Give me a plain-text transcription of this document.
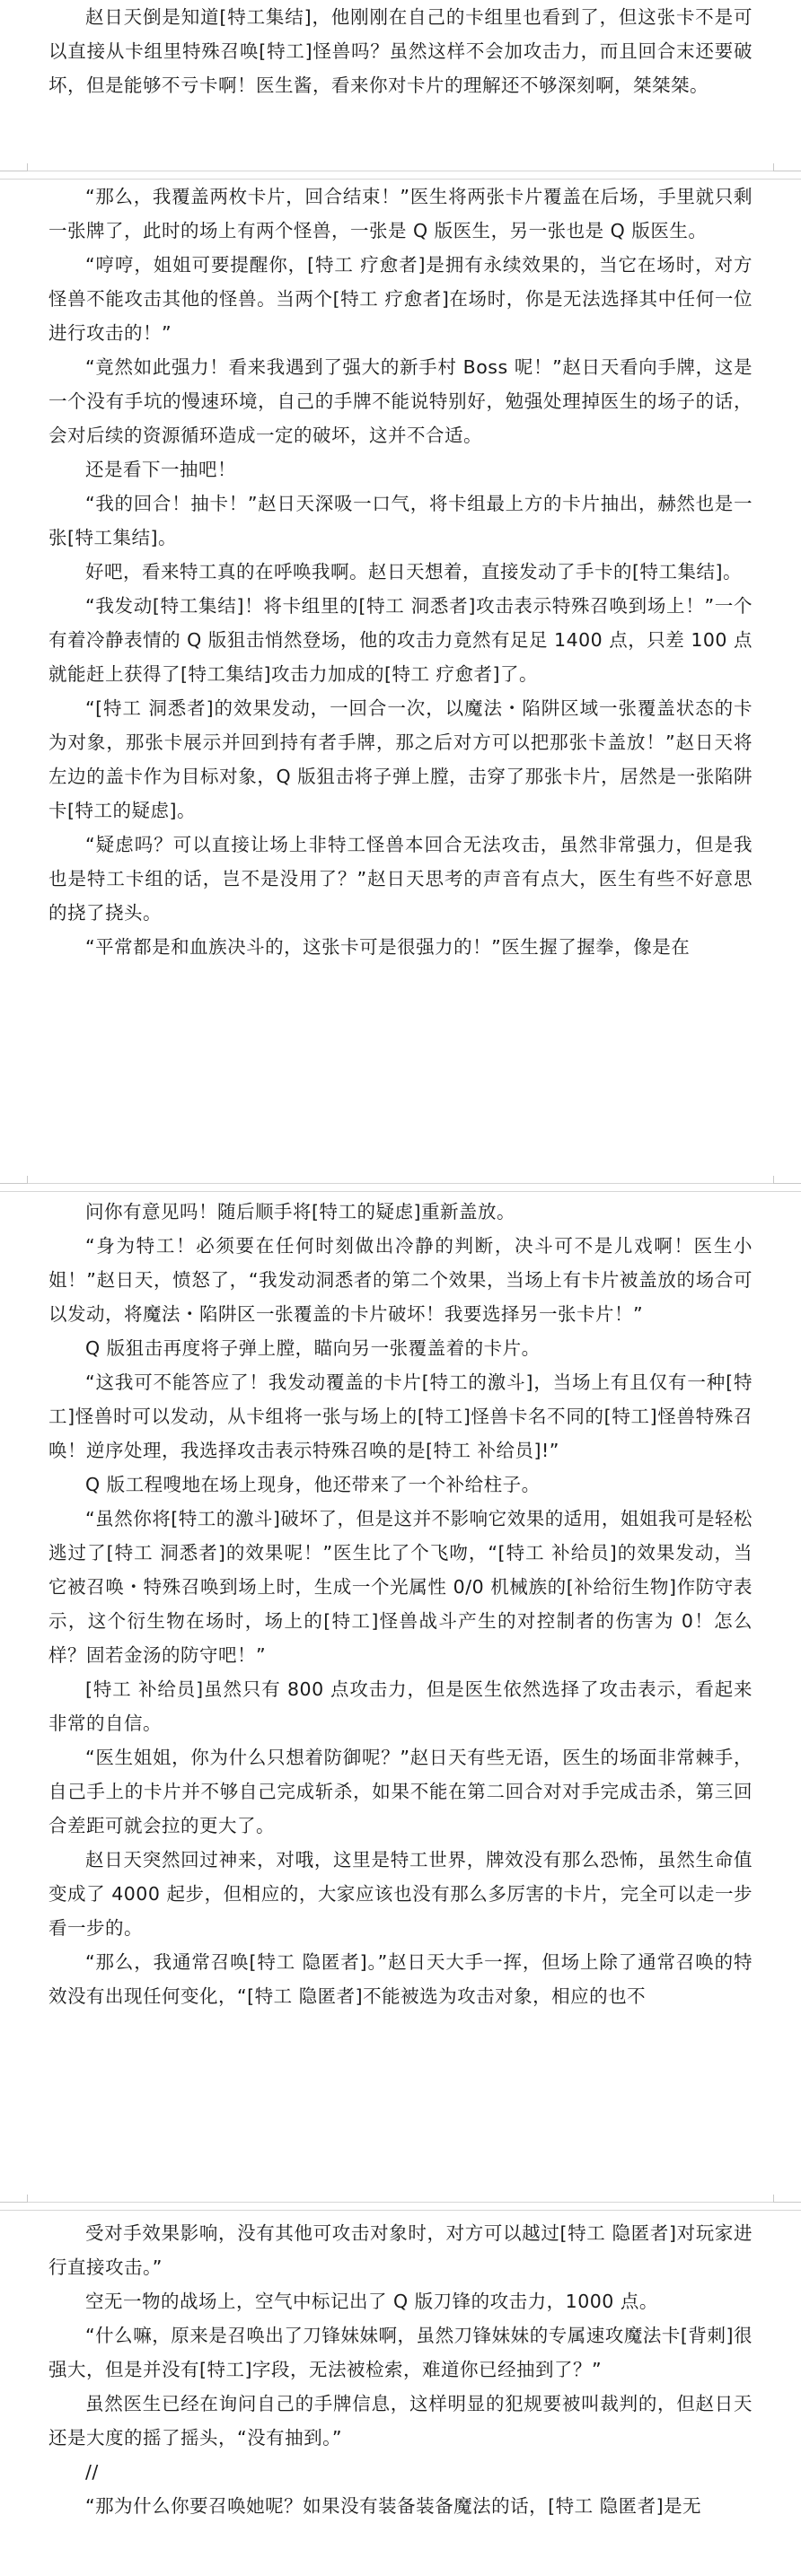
赵日天倒是知道[特工集结]，他刚刚在自己的卡组里也看到了，但这张卡不是可以直接从卡组里特殊召唤[特工]怪兽吗？虽然这样不会加攻击力，而且回合末还要破坏，但是能够不亏卡啊！医生酱，看来你对卡片的理解还不够深刻啊，桀桀桀。

“那么，我覆盖两枚卡片，回合结束！”医生将两张卡片覆盖在后场，手里就只剩一张牌了，此时的场上有两个怪兽，一张是 Q 版医生，另一张也是 Q 版医生。

“哼哼，姐姐可要提醒你，[特工 疗愈者]是拥有永续效果的，当它在场时，对方怪兽不能攻击其他的怪兽。当两个[特工 疗愈者]在场时，你是无法选择其中任何一位进行攻击的！”

“竟然如此强力！看来我遇到了强大的新手村 Boss 呢！”赵日天看向手牌，这是一个没有手坑的慢速环境，自己的手牌不能说特别好，勉强处理掉医生的场子的话，会对后续的资源循环造成一定的破坏，这并不合适。

还是看下一抽吧！

“我的回合！抽卡！”赵日天深吸一口气，将卡组最上方的卡片抽出，赫然也是一张[特工集结]。

好吧，看来特工真的在呼唤我啊。赵日天想着，直接发动了手卡的[特工集结]。

“我发动[特工集结]！将卡组里的[特工 洞悉者]攻击表示特殊召唤到场上！”一个有着冷静表情的 Q 版狙击悄然登场，他的攻击力竟然有足足 1400 点，只差 100 点就能赶上获得了[特工集结]攻击力加成的[特工 疗愈者]了。

“[特工 洞悉者]的效果发动，一回合一次，以魔法・陷阱区域一张覆盖状态的卡为对象，那张卡展示并回到持有者手牌，那之后对方可以把那张卡盖放！”赵日天将左边的盖卡作为目标对象，Q 版狙击将子弹上膛，击穿了那张卡片，居然是一张陷阱卡[特工的疑虑]。

“疑虑吗？可以直接让场上非特工怪兽本回合无法攻击，虽然非常强力，但是我也是特工卡组的话，岂不是没用了？”赵日天思考的声音有点大，医生有些不好意思的挠了挠头。

“平常都是和血族决斗的，这张卡可是很强力的！”医生握了握拳，像是在

问你有意见吗！随后顺手将[特工的疑虑]重新盖放。

“身为特工！必须要在任何时刻做出冷静的判断，决斗可不是儿戏啊！医生小姐！”赵日天，愤怒了，“我发动洞悉者的第二个效果，当场上有卡片被盖放的场合可以发动，将魔法・陷阱区一张覆盖的卡片破坏！我要选择另一张卡片！”

Q 版狙击再度将子弹上膛，瞄向另一张覆盖着的卡片。

“这我可不能答应了！我发动覆盖的卡片[特工的激斗]，当场上有且仅有一种[特工]怪兽时可以发动，从卡组将一张与场上的[特工]怪兽卡名不同的[特工]怪兽特殊召唤！逆序处理，我选择攻击表示特殊召唤的是[特工 补给员]!”

Q 版工程嗖地在场上现身，他还带来了一个补给柱子。

“虽然你将[特工的激斗]破坏了，但是这并不影响它效果的适用，姐姐我可是轻松逃过了[特工 洞悉者]的效果呢！”医生比了个飞吻，“[特工 补给员]的效果发动，当它被召唤・特殊召唤到场上时，生成一个光属性 0/0 机械族的[补给衍生物]作防守表示，这个衍生物在场时，场上的[特工]怪兽战斗产生的对控制者的伤害为 0！怎么样？固若金汤的防守吧！”

[特工 补给员]虽然只有 800 点攻击力，但是医生依然选择了攻击表示，看起来非常的自信。

“医生姐姐，你为什么只想着防御呢？”赵日天有些无语，医生的场面非常棘手，自己手上的卡片并不够自己完成斩杀，如果不能在第二回合对对手完成击杀，第三回合差距可就会拉的更大了。

赵日天突然回过神来，对哦，这里是特工世界，牌效没有那么恐怖，虽然生命值变成了 4000 起步，但相应的，大家应该也没有那么多厉害的卡片，完全可以走一步看一步的。

“那么，我通常召唤[特工 隐匿者]。”赵日天大手一挥，但场上除了通常召唤的特效没有出现任何变化，“[特工 隐匿者]不能被选为攻击对象，相应的也不

受对手效果影响，没有其他可攻击对象时，对方可以越过[特工 隐匿者]对玩家进行直接攻击。”

空无一物的战场上，空气中标记出了 Q 版刀锋的攻击力，1000 点。

“什么嘛，原来是召唤出了刀锋妹妹啊，虽然刀锋妹妹的专属速攻魔法卡[背刺]很强大，但是并没有[特工]字段，无法被检索，难道你已经抽到了？”

虽然医生已经在询问自己的手牌信息，这样明显的犯规要被叫裁判的，但赵日天还是大度的摇了摇头，“没有抽到。”

//

“那为什么你要召唤她呢？如果没有装备装备魔法的话，[特工 隐匿者]是无
